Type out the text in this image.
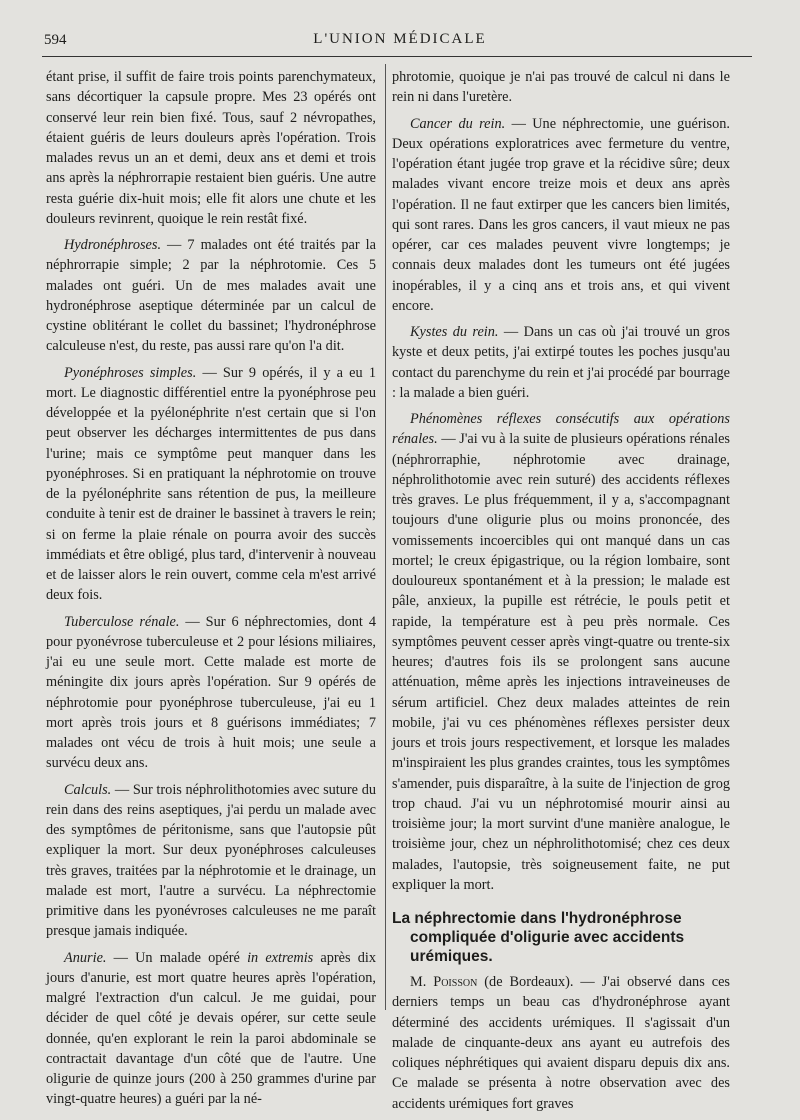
594	L'UNION MÉDICALE

étant prise, il suffit de faire trois points parenchymateux, sans décortiquer la capsule propre. Mes 23 opérés ont conservé leur rein bien fixé. Tous, sauf 2 névropathes, étaient guéris de leurs douleurs après l'opération. Trois malades revus un an et demi, deux ans et demi et trois ans après la néphrorrapie restaient bien guéris. Une autre resta guérie dix-huit mois; elle fit alors une chute et les douleurs revinrent, quoique le rein restât fixé.

Hydronéphroses. — 7 malades ont été traités par la néphrorrapie simple; 2 par la néphrotomie. Ces 5 malades ont guéri. Un de mes malades avait une hydronéphrose aseptique déterminée par un calcul de cystine oblitérant le collet du bassinet; l'hydronéphrose calculeuse n'est, du reste, pas aussi rare qu'on l'a dit.

Pyonéphroses simples. — Sur 9 opérés, il y a eu 1 mort. Le diagnostic différentiel entre la pyonéphrose peu développée et la pyélonéphrite n'est certain que si l'on peut observer les décharges intermittentes de pus dans l'urine; mais ce symptôme peut manquer dans les pyonéphroses. Si en pratiquant la néphrotomie on trouve de la pyélonéphrite sans rétention de pus, la meilleure conduite à tenir est de drainer le bassinet à travers le rein; si on ferme la plaie rénale on pourra avoir des succès immédiats et être obligé, plus tard, d'intervenir à nouveau et de laisser alors le rein ouvert, comme cela m'est arrivé deux fois.

Tuberculose rénale. — Sur 6 néphrectomies, dont 4 pour pyonévrose tuberculeuse et 2 pour lésions miliaires, j'ai eu une seule mort. Cette malade est morte de méningite dix jours après l'opération. Sur 9 opérés de néphrotomie pour pyonéphrose tuberculeuse, j'ai eu 1 mort après trois jours et 8 guérisons immédiates; 7 malades ont vécu de trois à huit mois; une seule a survécu deux ans.

Calculs. — Sur trois néphrolithotomies avec suture du rein dans des reins aseptiques, j'ai perdu un malade avec des symptômes de péritonisme, sans que l'autopsie pût expliquer la mort. Sur deux pyonéphroses calculeuses très graves, traitées par la néphrotomie et le drainage, un malade est mort, l'autre a survécu. La néphrectomie primitive dans les pyonévroses calculeuses ne me paraît presque jamais indiquée.

Anurie. — Un malade opéré in extremis après dix jours d'anurie, est mort quatre heures après l'opération, malgré l'extraction d'un calcul. Je me guidai, pour décider de quel côté je devais opérer, sur cette seule donnée, qu'en explorant le rein la paroi abdominale se contractait davantage d'un côté que de l'autre. Une oligurie de quinze jours (200 à 250 grammes d'urine par vingt-quatre heures) a guéri par la né-

phrotomie, quoique je n'ai pas trouvé de calcul ni dans le rein ni dans l'uretère.

Cancer du rein. — Une néphrectomie, une guérison. Deux opérations exploratrices avec fermeture du ventre, l'opération étant jugée trop grave et la récidive sûre; deux malades vivant encore treize mois et deux ans après l'opération. Il ne faut extirper que les cancers bien limités, qui sont rares. Dans les gros cancers, il vaut mieux ne pas opérer, car ces malades peuvent vivre longtemps; je connais deux malades dont les tumeurs ont été jugées inopérables, il y a cinq ans et trois ans, et qui vivent encore.

Kystes du rein. — Dans un cas où j'ai trouvé un gros kyste et deux petits, j'ai extirpé toutes les poches jusqu'au contact du parenchyme du rein et j'ai procédé par bourrage : la malade a bien guéri.

Phénomènes réflexes consécutifs aux opérations rénales. — J'ai vu à la suite de plusieurs opérations rénales (néphrorraphie, néphrotomie avec drainage, néphrolithotomie avec rein suturé) des accidents réflexes très graves. Le plus fréquemment, il y a, s'accompagnant toujours d'une oligurie plus ou moins prononcée, des vomissements incoercibles qui ont manqué dans un cas mortel; le creux épigastrique, ou la région lombaire, sont douloureux spontanément et à la pression; le malade est pâle, anxieux, la pupille est rétrécie, le pouls petit et rapide, la température est à peu près normale. Ces symptômes peuvent cesser après vingt-quatre ou trente-six heures; d'autres fois ils se prolongent sans aucune atténuation, même après les injections intraveineuses de sérum artificiel. Chez deux malades atteintes de rein mobile, j'ai vu ces phénomènes réflexes persister deux jours et trois jours respectivement, et lorsque les malades m'inspiraient les plus grandes craintes, tous les symptômes s'amender, puis disparaître, à la suite de l'injection de grog trop chaud. J'ai vu un néphrotomisé mourir ainsi au troisième jour; la mort survint d'une manière analogue, le troisième jour, chez un néphrolithotomisé; chez ces deux malades, l'autopsie, très soigneusement faite, ne put expliquer la mort.

La néphrectomie dans l'hydronéphrose
compliquée d'oligurie avec accidents
urémiques.

M. Poisson (de Bordeaux). — J'ai observé dans ces derniers temps un beau cas d'hydronéphrose ayant déterminé des accidents urémiques. Il s'agissait d'un malade de cinquante-deux ans ayant eu autrefois des coliques néphrétiques qui avaient disparu depuis dix ans. Ce malade se présenta à notre observation avec des accidents urémiques fort graves
